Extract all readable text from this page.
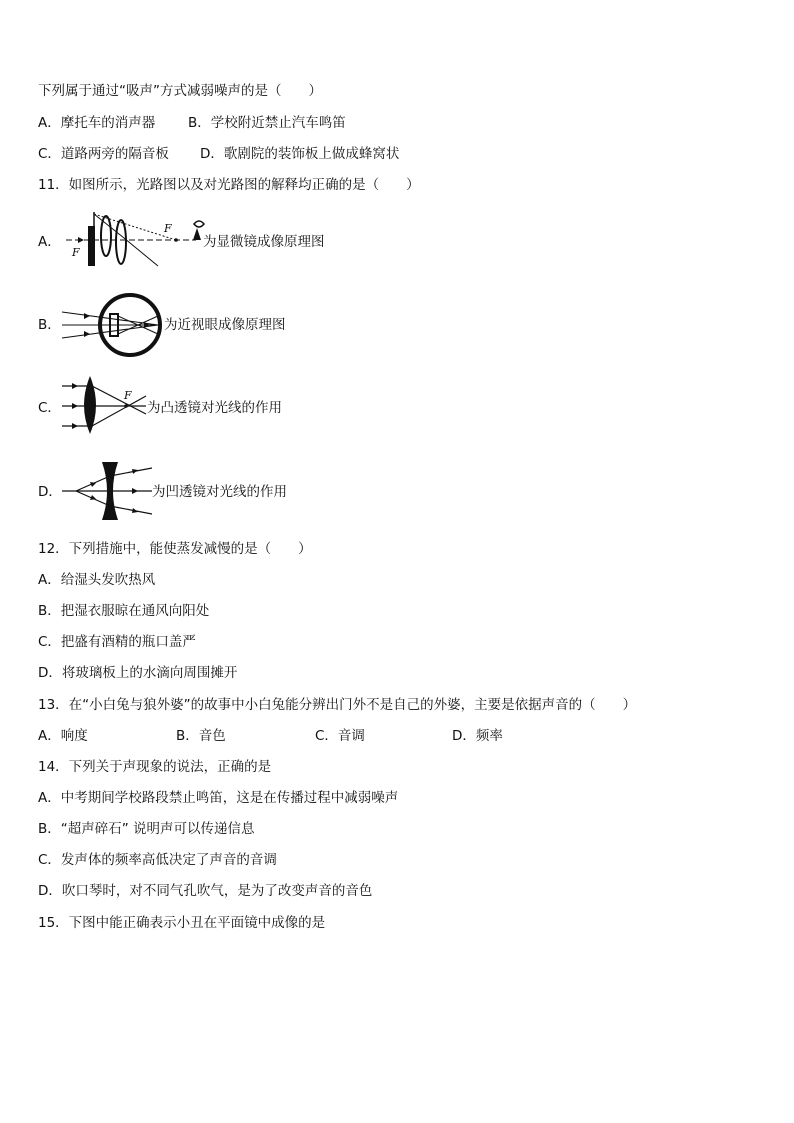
下列属于通过“吸声”方式减弱噪声的是（　　）
A．摩托车的消声器 B．学校附近禁止汽车鸣笛
C．道路两旁的隔音板 D．歌剧院的装饰板上做成蜂窝状
11．如图所示，光路图以及对光路图的解释均正确的是（　　）
A．
F
F
为显微镜成像原理图
B．	为近视眼成像原理图
C．
F
为凸透镜对光线的作用
D．	为凹透镜对光线的作用
12．下列措施中，能使蒸发减慢的是（　　）
A．给湿头发吹热风
B．把湿衣服晾在通风向阳处
C．把盛有酒精的瓶口盖严
D．将玻璃板上的水滴向周围摊开
13．在“小白兔与狼外婆”的故事中小白兔能分辨出门外不是自己的外婆，主要是依据声音的（　　）
A．响度	B．音色	C．音调	D．频率
14．下列关于声现象的说法，正确的是
A．中考期间学校路段禁止鸣笛，这是在传播过程中减弱噪声
B．“超声碎石” 说明声可以传递信息
C．发声体的频率高低决定了声音的音调
D．吹口琴时，对不同气孔吹气，是为了改变声音的音色
15．下图中能正确表示小丑在平面镜中成像的是
